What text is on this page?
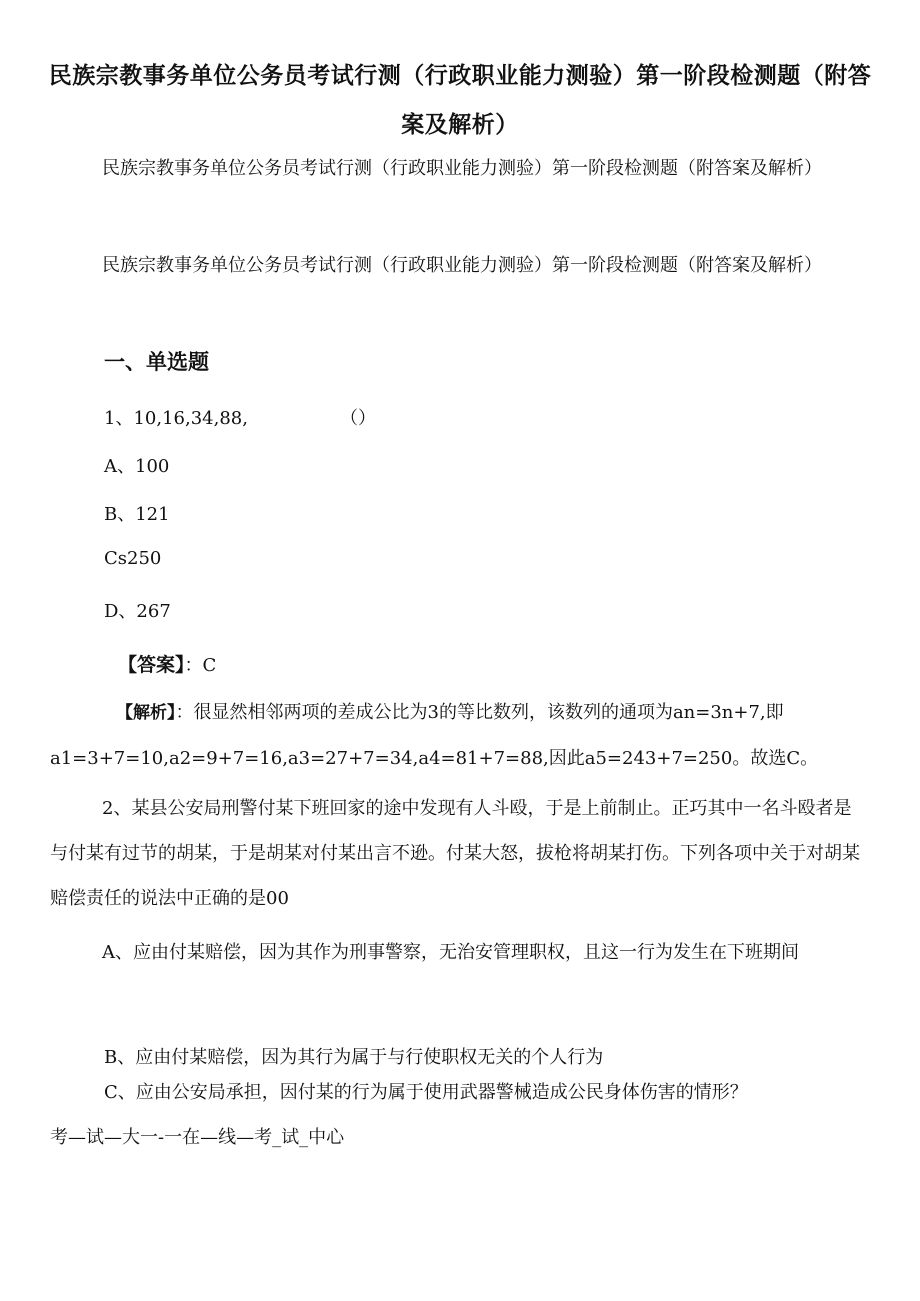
民族宗教事务单位公务员考试行测（行政职业能力测验）第一阶段检测题（附答案及解析）
民族宗教事务单位公务员考试行测（行政职业能力测验）第一阶段检测题（附答案及解析）
民族宗教事务单位公务员考试行测（行政职业能力测验）第一阶段检测题（附答案及解析）
一、单选题
1、10,16,34,88,	（）
A、100
B、121
Cs250
D、267
【答案】：C
【解析】：很显然相邻两项的差成公比为3的等比数列，该数列的通项为an=3n+7,即a1=3+7=10,a2=9+7=16,a3=27+7=34,a4=81+7=88,因此a5=243+7=250。故选C。
2、某县公安局刑警付某下班回家的途中发现有人斗殴，于是上前制止。正巧其中一名斗殴者是与付某有过节的胡某，于是胡某对付某出言不逊。付某大怒，拔枪将胡某打伤。下列各项中关于对胡某赔偿责任的说法中正确的是00
A、应由付某赔偿，因为其作为刑事警察，无治安管理职权，且这一行为发生在下班期间
B、应由付某赔偿，因为其行为属于与行使职权无关的个人行为
C、应由公安局承担，因付某的行为属于使用武器警械造成公民身体伤害的情形？
考—试—大一-一在—线—考_试_中心
